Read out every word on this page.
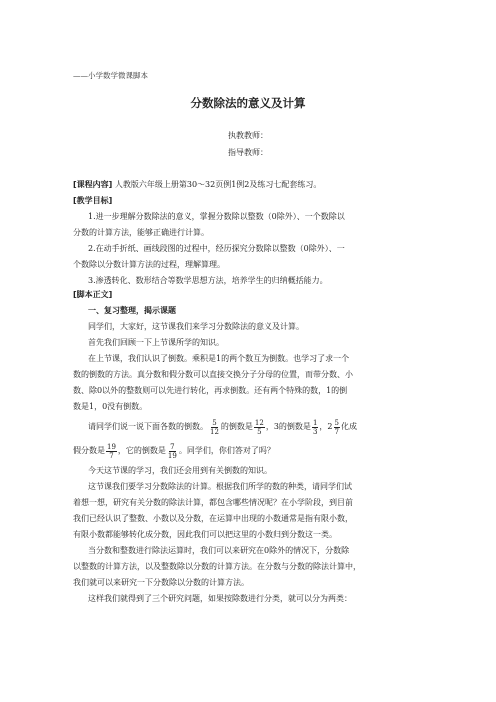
——小学数学微课脚本
分数除法的意义及计算
执教教师：
指导教师：

[课程内容] 人教版六年级上册第30～32页例1例2及练习七配套练习。

[教学目标]

1.进一步理解分数除法的意义，掌握分数除以整数（0除外）、一个数除以

分数的计算方法，能够正确进行计算。

2.在动手折纸、画线段图的过程中，经历探究分数除以整数（0除外）、一

个数除以分数计算方法的过程，理解算理。

3.渗透转化、数形结合等数学思想方法，培养学生的归纳概括能力。

[脚本正文]

一、复习整理，揭示课题

同学们，大家好，这节课我们来学习分数除法的意义及计算。

首先我们回顾一下上节课所学的知识。

在上节课，我们认识了倒数。乘积是1的两个数互为倒数。也学习了求一个

数的倒数的方法。真分数和假分数可以直接交换分子分母的位置，而带分数、小

数、除0以外的整数则可以先进行转化，再求倒数。还有两个特殊的数，1的倒

数是1，0没有倒数。

请同学们说一说下面各数的倒数。 $\frac{5}{12}$ 的倒数是 $\frac{12}{5}$ ，3的倒数是 $\frac{1}{3}$ ， $2 \frac{5}{7}$ 化成

假分数是 $\frac{19}{7}$ ，它的倒数是 $\frac{7}{19}$ 。同学们，你们答对了吗？

今天这节课的学习，我们还会用到有关倒数的知识。

这节课我们要学习分数除法的计算。根据我们所学的数的种类，请同学们试

着想一想，研究有关分数的除法计算，都包含哪些情况呢？在小学阶段，到目前

我们已经认识了整数、小数以及分数，在运算中出现的小数通常是指有限小数，

有限小数都能够转化成分数，因此我们可以把这里的小数归到分数这一类。

当分数和整数进行除法运算时，我们可以来研究在0除外的情况下，分数除

以整数的计算方法，以及整数除以分数的计算方法。在分数与分数的除法计算中，

我们就可以来研究一下分数除以分数的计算方法。

这样我们就得到了三个研究问题，如果按除数进行分类，就可以分为两类：
